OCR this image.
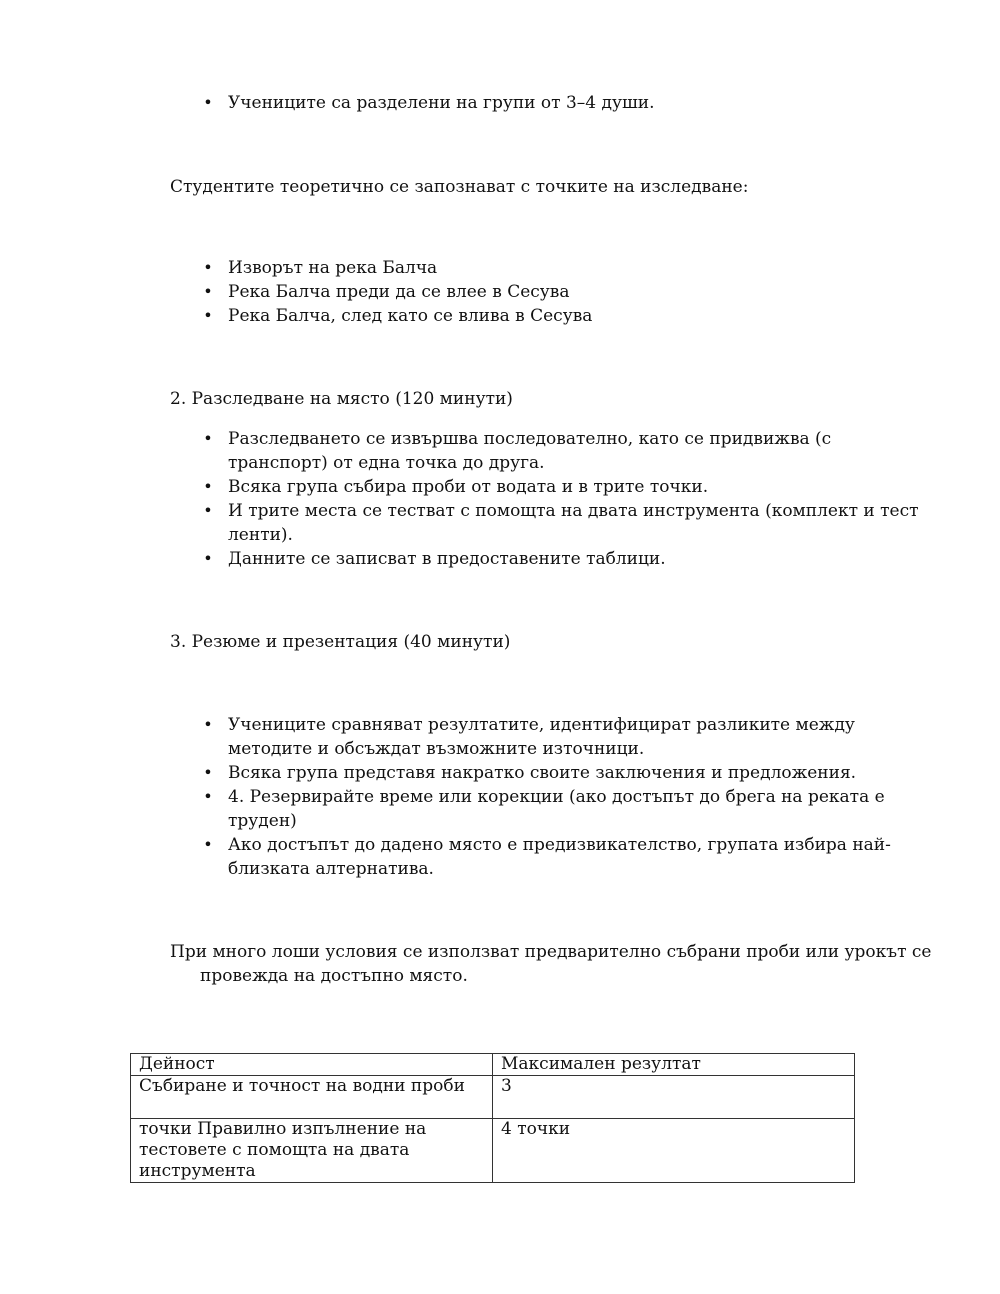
• Учениците са разделени на групи от 3–4 души.
Студентите теоретично се запознават с точките на изследване:
• Изворът на река Балча
• Река Балча преди да се влее в Сесува
• Река Балча, след като се влива в Сесува
2. Разследване на място (120 минути)
• Разследването се извършва последователно, като се придвижва (с транспорт) от една точка до друга.
• Всяка група събира проби от водата и в трите точки.
• И трите места се тестват с помощта на двата инструмента (комплект и тест ленти).
• Данните се записват в предоставените таблици.
3. Резюме и презентация (40 минути)
• Учениците сравняват резултатите, идентифицират разликите между методите и обсъждат възможните източници.
• Всяка група представя накратко своите заключения и предложения.
• 4. Резервирайте време или корекции (ако достъпът до брега на реката е труден)
• Ако достъпът до дадено място е предизвикателство, групата избира най-близката алтернатива.
При много лоши условия се използват предварително събрани проби или урокът се провежда на достъпно място.
Дейност	Максимален резултат
Събиране и точност на водни проби	3
точки Правилно изпълнение на тестовете с помощта на двата инструмента	4 точки
